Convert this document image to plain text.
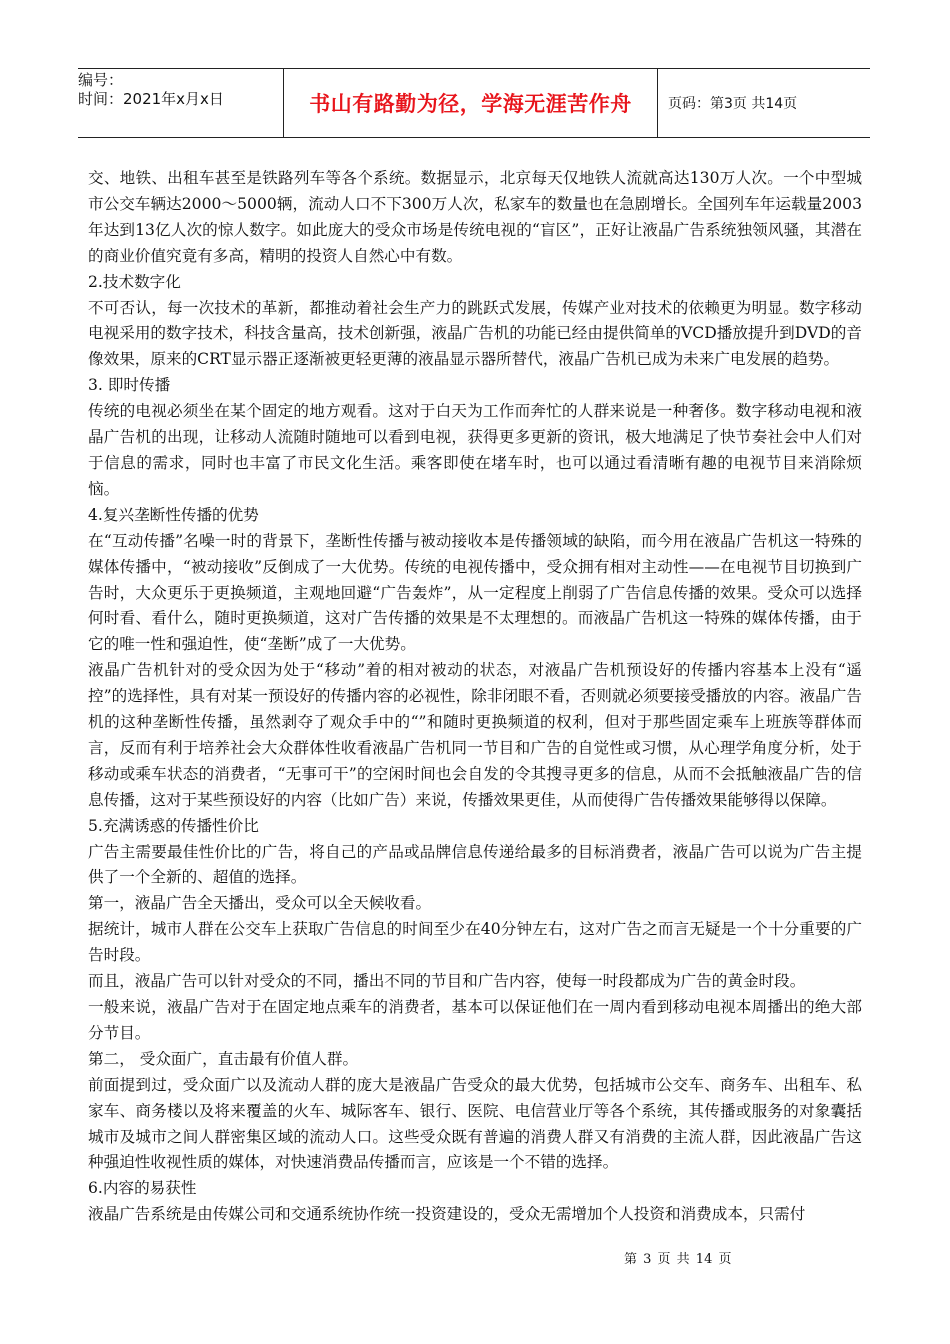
编号：
时间：2021年x月x日	书山有路勤为径，学海无涯苦作舟	页码：第3页 共14页

交、地铁、出租车甚至是铁路列车等各个系统。数据显示，北京每天仅地铁人流就高达130万人次。一个中型城市公交车辆达2000～5000辆，流动人口不下300万人次，私家车的数量也在急剧增长。全国列车年运载量2003年达到13亿人次的惊人数字。如此庞大的受众市场是传统电视的“盲区”，正好让液晶广告系统独领风骚，其潜在的商业价值究竟有多高，精明的投资人自然心中有数。

2.技术数字化

不可否认，每一次技术的革新，都推动着社会生产力的跳跃式发展，传媒产业对技术的依赖更为明显。数字移动电视采用的数字技术，科技含量高，技术创新强，液晶广告机的功能已经由提供简单的VCD播放提升到DVD的音像效果，原来的CRT显示器正逐渐被更轻更薄的液晶显示器所替代，液晶广告机已成为未来广电发展的趋势。

3. 即时传播

传统的电视必须坐在某个固定的地方观看。这对于白天为工作而奔忙的人群来说是一种奢侈。数字移动电视和液晶广告机的出现，让移动人流随时随地可以看到电视，获得更多更新的资讯，极大地满足了快节奏社会中人们对于信息的需求，同时也丰富了市民文化生活。乘客即使在堵车时，也可以通过看清晰有趣的电视节目来消除烦恼。

4.复兴垄断性传播的优势

在“互动传播”名噪一时的背景下，垄断性传播与被动接收本是传播领域的缺陷，而今用在液晶广告机这一特殊的媒体传播中，“被动接收”反倒成了一大优势。传统的电视传播中，受众拥有相对主动性——在电视节目切换到广告时，大众更乐于更换频道，主观地回避“广告轰炸”，从一定程度上削弱了广告信息传播的效果。受众可以选择何时看、看什么，随时更换频道，这对广告传播的效果是不太理想的。而液晶广告机这一特殊的媒体传播，由于它的唯一性和强迫性，使“垄断”成了一大优势。

液晶广告机针对的受众因为处于“移动”着的相对被动的状态，对液晶广告机预设好的传播内容基本上没有“遥控”的选择性，具有对某一预设好的传播内容的必视性，除非闭眼不看，否则就必须要接受播放的内容。液晶广告机的这种垄断性传播，虽然剥夺了观众手中的“”和随时更换频道的权利，但对于那些固定乘车上班族等群体而言，反而有利于培养社会大众群体性收看液晶广告机同一节目和广告的自觉性或习惯，从心理学角度分析，处于移动或乘车状态的消费者，“无事可干”的空闲时间也会自发的令其搜寻更多的信息，从而不会抵触液晶广告的信息传播，这对于某些预设好的内容（比如广告）来说，传播效果更佳，从而使得广告传播效果能够得以保障。

5.充满诱惑的传播性价比

广告主需要最佳性价比的广告，将自己的产品或品牌信息传递给最多的目标消费者，液晶广告可以说为广告主提供了一个全新的、超值的选择。

第一，液晶广告全天播出，受众可以全天候收看。

据统计，城市人群在公交车上获取广告信息的时间至少在40分钟左右，这对广告之而言无疑是一个十分重要的广告时段。

而且，液晶广告可以针对受众的不同，播出不同的节目和广告内容，使每一时段都成为广告的黄金时段。

一般来说，液晶广告对于在固定地点乘车的消费者，基本可以保证他们在一周内看到移动电视本周播出的绝大部分节目。

第二， 受众面广，直击最有价值人群。

前面提到过，受众面广以及流动人群的庞大是液晶广告受众的最大优势，包括城市公交车、商务车、出租车、私家车、商务楼以及将来覆盖的火车、城际客车、银行、医院、电信营业厅等各个系统，其传播或服务的对象囊括城市及城市之间人群密集区域的流动人口。这些受众既有普遍的消费人群又有消费的主流人群，因此液晶广告这种强迫性收视性质的媒体，对快速消费品传播而言，应该是一个不错的选择。

6.内容的易获性

液晶广告系统是由传媒公司和交通系统协作统一投资建设的，受众无需增加个人投资和消费成本，只需付

第 3 页 共 14 页
